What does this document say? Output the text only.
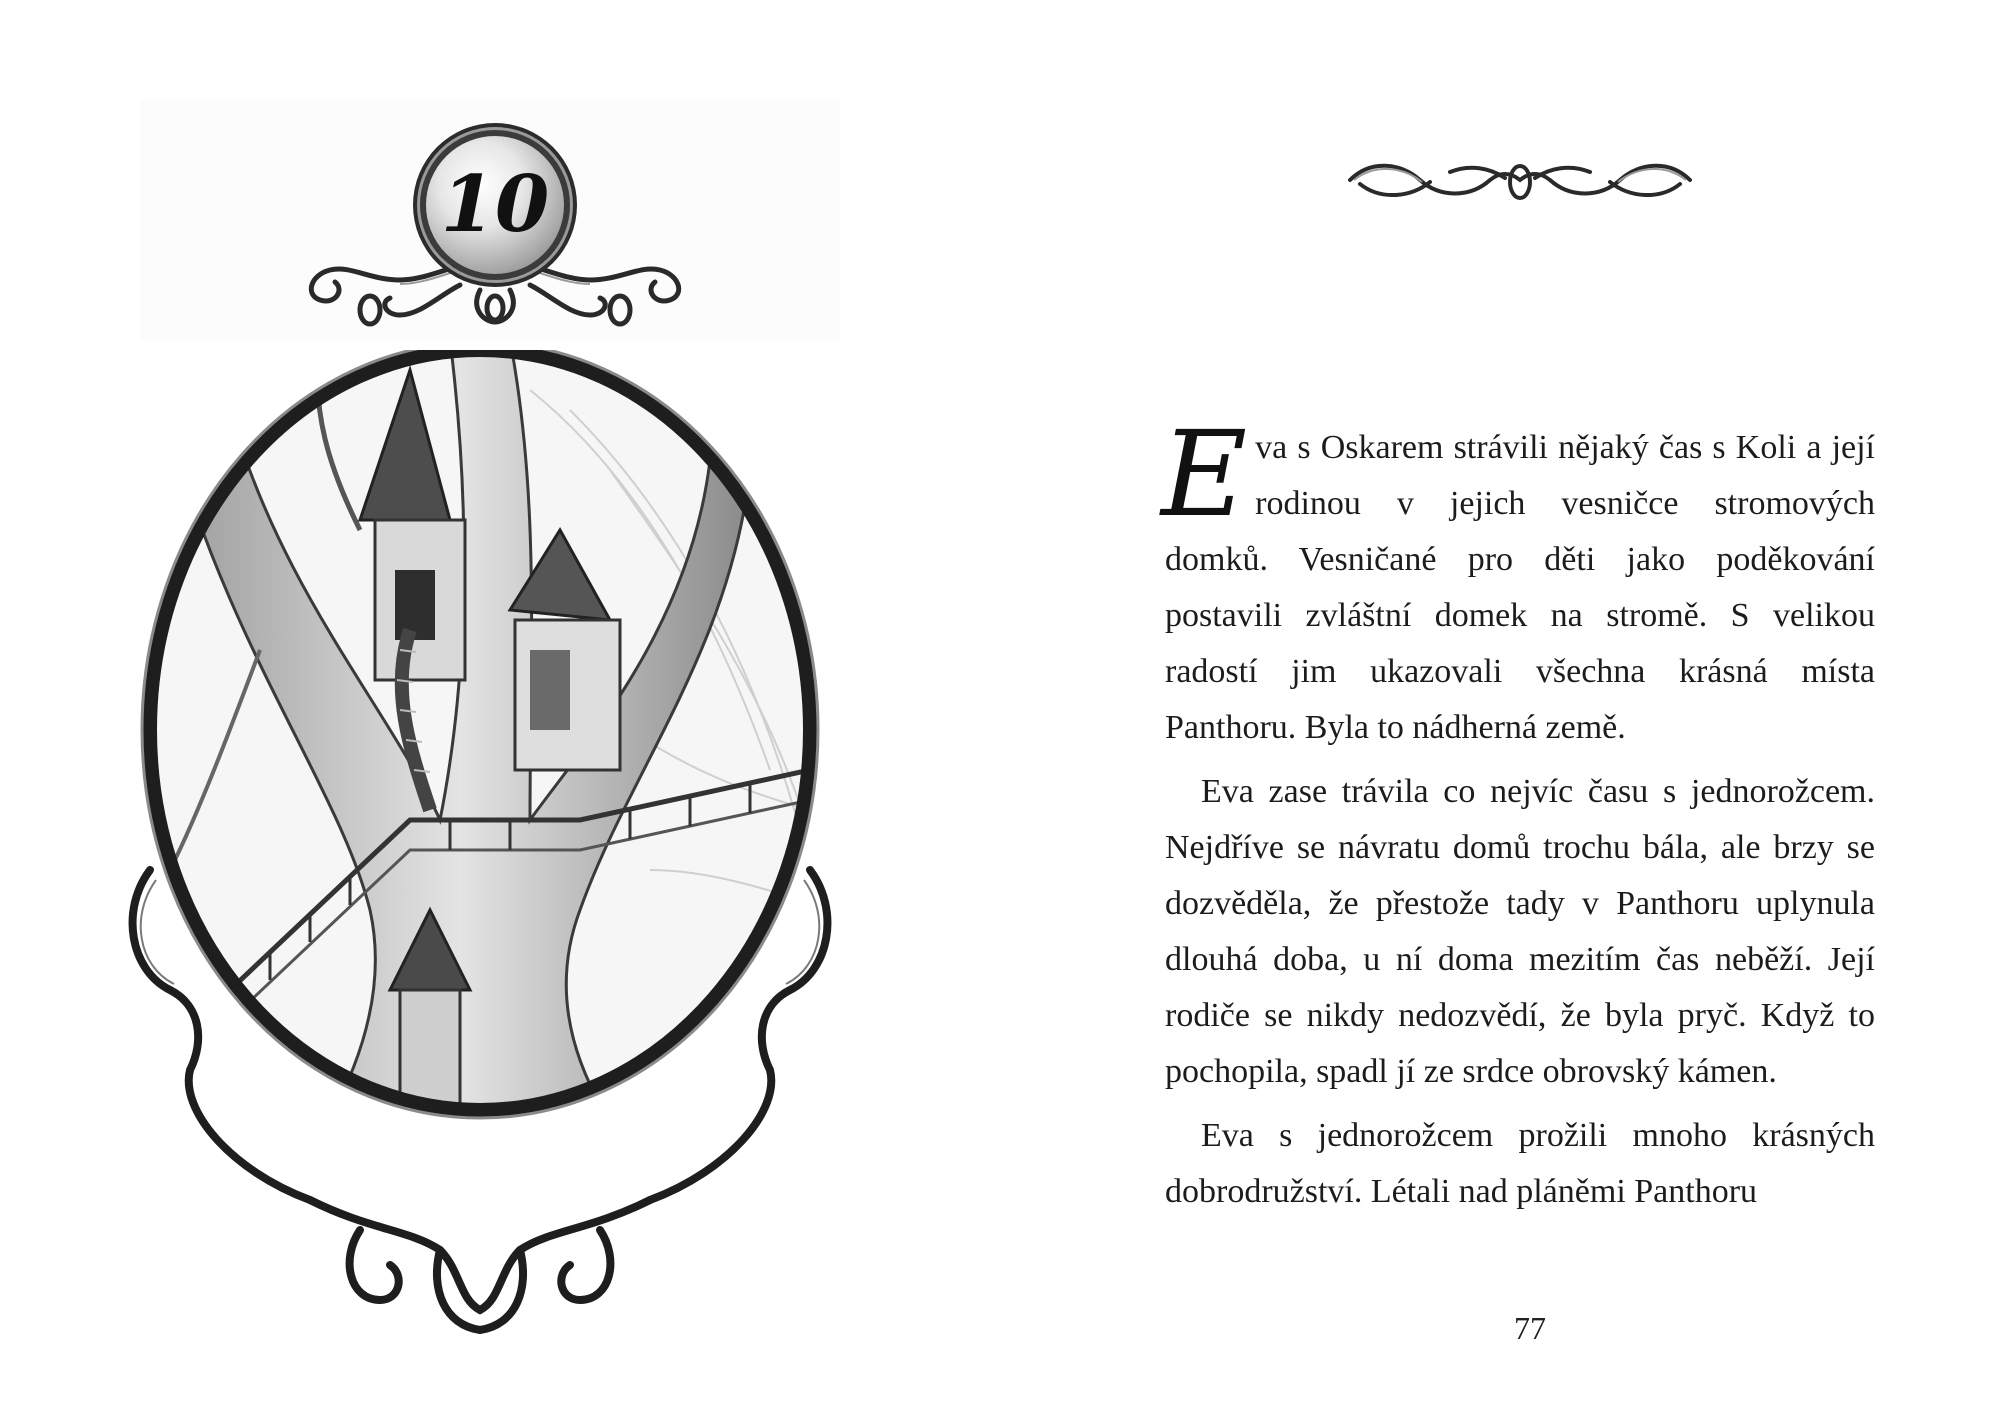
10

Eva s Oskarem strávili nějaký čas s Koli a její rodinou v jejich vesničce stromových domků. Vesničané pro děti jako poděkování postavili zvláštní domek na stromě. S velikou radostí jim ukazovali všechna krásná místa Panthoru. Byla to nádherná země.

Eva zase trávila co nejvíc času s jednorožcem. Nejdříve se návratu domů trochu bála, ale brzy se dozvěděla, že přestože tady v Panthoru uplynula dlouhá doba, u ní doma mezitím čas neběží. Její rodiče se nikdy nedozvědí, že byla pryč. Když to pochopila, spadl jí ze srdce obrovský kámen.

Eva s jednorožcem prožili mnoho krásných dobrodružství. Létali nad pláněmi Panthoru

77
